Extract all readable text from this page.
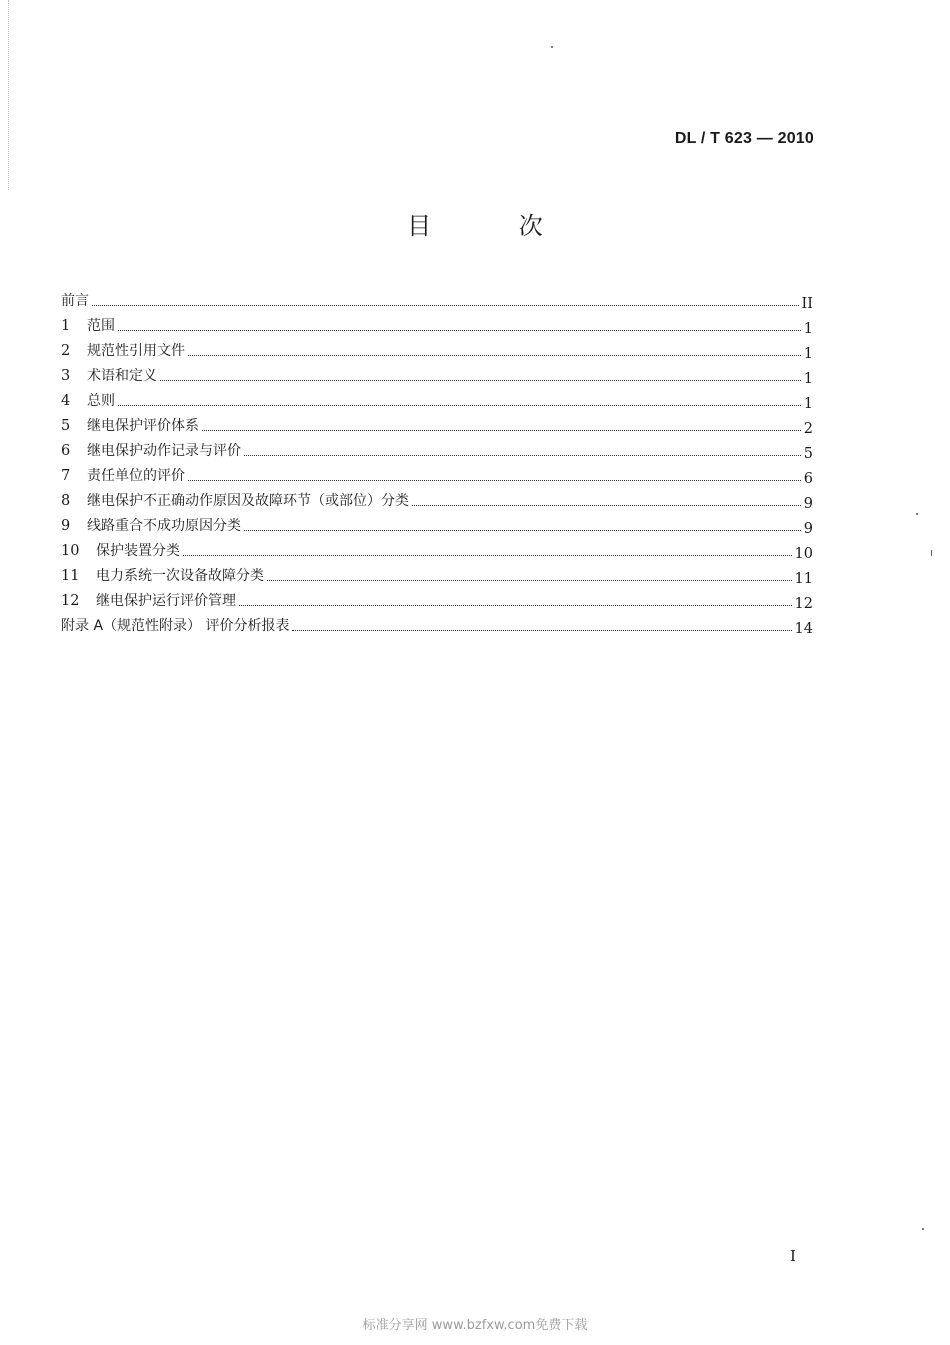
DL / T 623 — 2010
目 次
前言	II
1	范围	1
2	规范性引用文件	1
3	术语和定义	1
4	总则	1
5	继电保护评价体系	2
6	继电保护动作记录与评价	5
7	责任单位的评价	6
8	继电保护不正确动作原因及故障环节（或部位）分类	9
9	线路重合不成功原因分类	9
10	保护装置分类	10
11	电力系统一次设备故障分类	11
12	继电保护运行评价管理	12
附录 A（规范性附录） 评价分析报表	14
I
标准分享网 www.bzfxw.com免费下载
